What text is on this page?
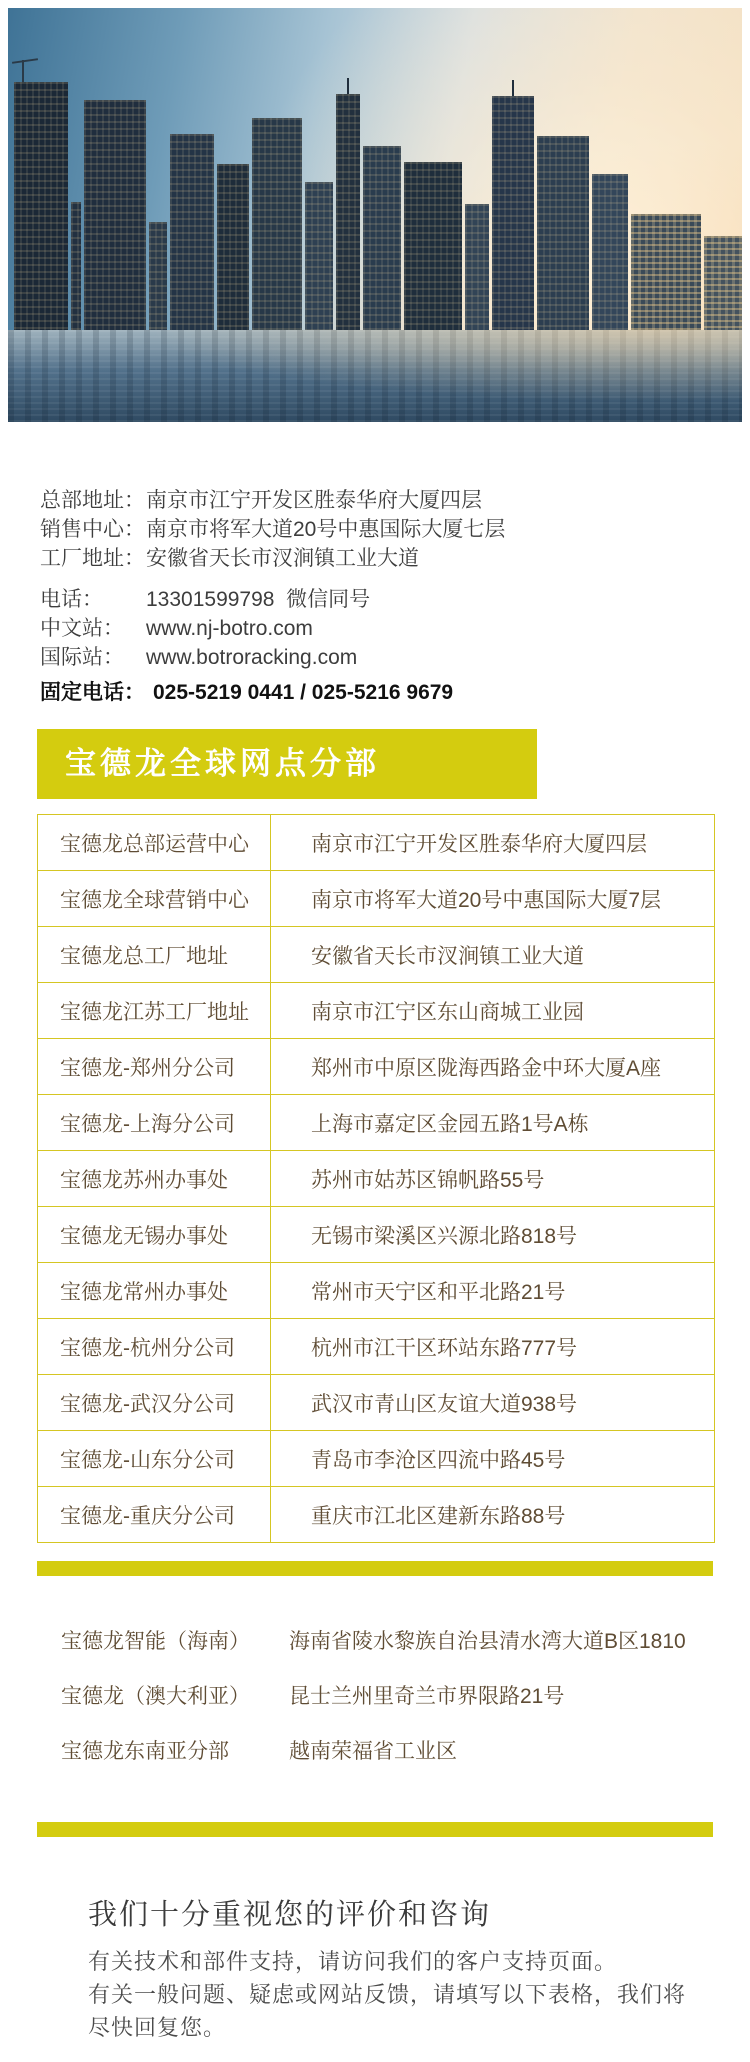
总部地址： 南京市江宁开发区胜泰华府大厦四层
销售中心： 南京市将军大道20号中惠国际大厦七层
工厂地址： 安徽省天长市汊涧镇工业大道
电话：	13301599798  微信同号
中文站：	www.nj-botro.com
国际站：	www.botroracking.com
固定电话： 025-5219 0441 / 025-5216 9679
宝德龙全球网点分部
宝德龙总部运营中心	南京市江宁开发区胜泰华府大厦四层
宝德龙全球营销中心	南京市将军大道20号中惠国际大厦7层
宝德龙总工厂地址	安徽省天长市汊涧镇工业大道
宝德龙江苏工厂地址	南京市江宁区东山商城工业园
宝德龙-郑州分公司	郑州市中原区陇海西路金中环大厦A座
宝德龙-上海分公司	上海市嘉定区金园五路1号A栋
宝德龙苏州办事处	苏州市姑苏区锦帆路55号
宝德龙无锡办事处	无锡市梁溪区兴源北路818号
宝德龙常州办事处	常州市天宁区和平北路21号
宝德龙-杭州分公司	杭州市江干区环站东路777号
宝德龙-武汉分公司	武汉市青山区友谊大道938号
宝德龙-山东分公司	青岛市李沧区四流中路45号
宝德龙-重庆分公司	重庆市江北区建新东路88号
宝德龙智能（海南）	海南省陵水黎族自治县清水湾大道B区1810
宝德龙（澳大利亚）	昆士兰州里奇兰市界限路21号
宝德龙东南亚分部	越南荣福省工业区
我们十分重视您的评价和咨询

有关技术和部件支持，请访问我们的客户支持页面。

有关一般问题、疑虑或网站反馈，请填写以下表格，我们将尽快回复您。
